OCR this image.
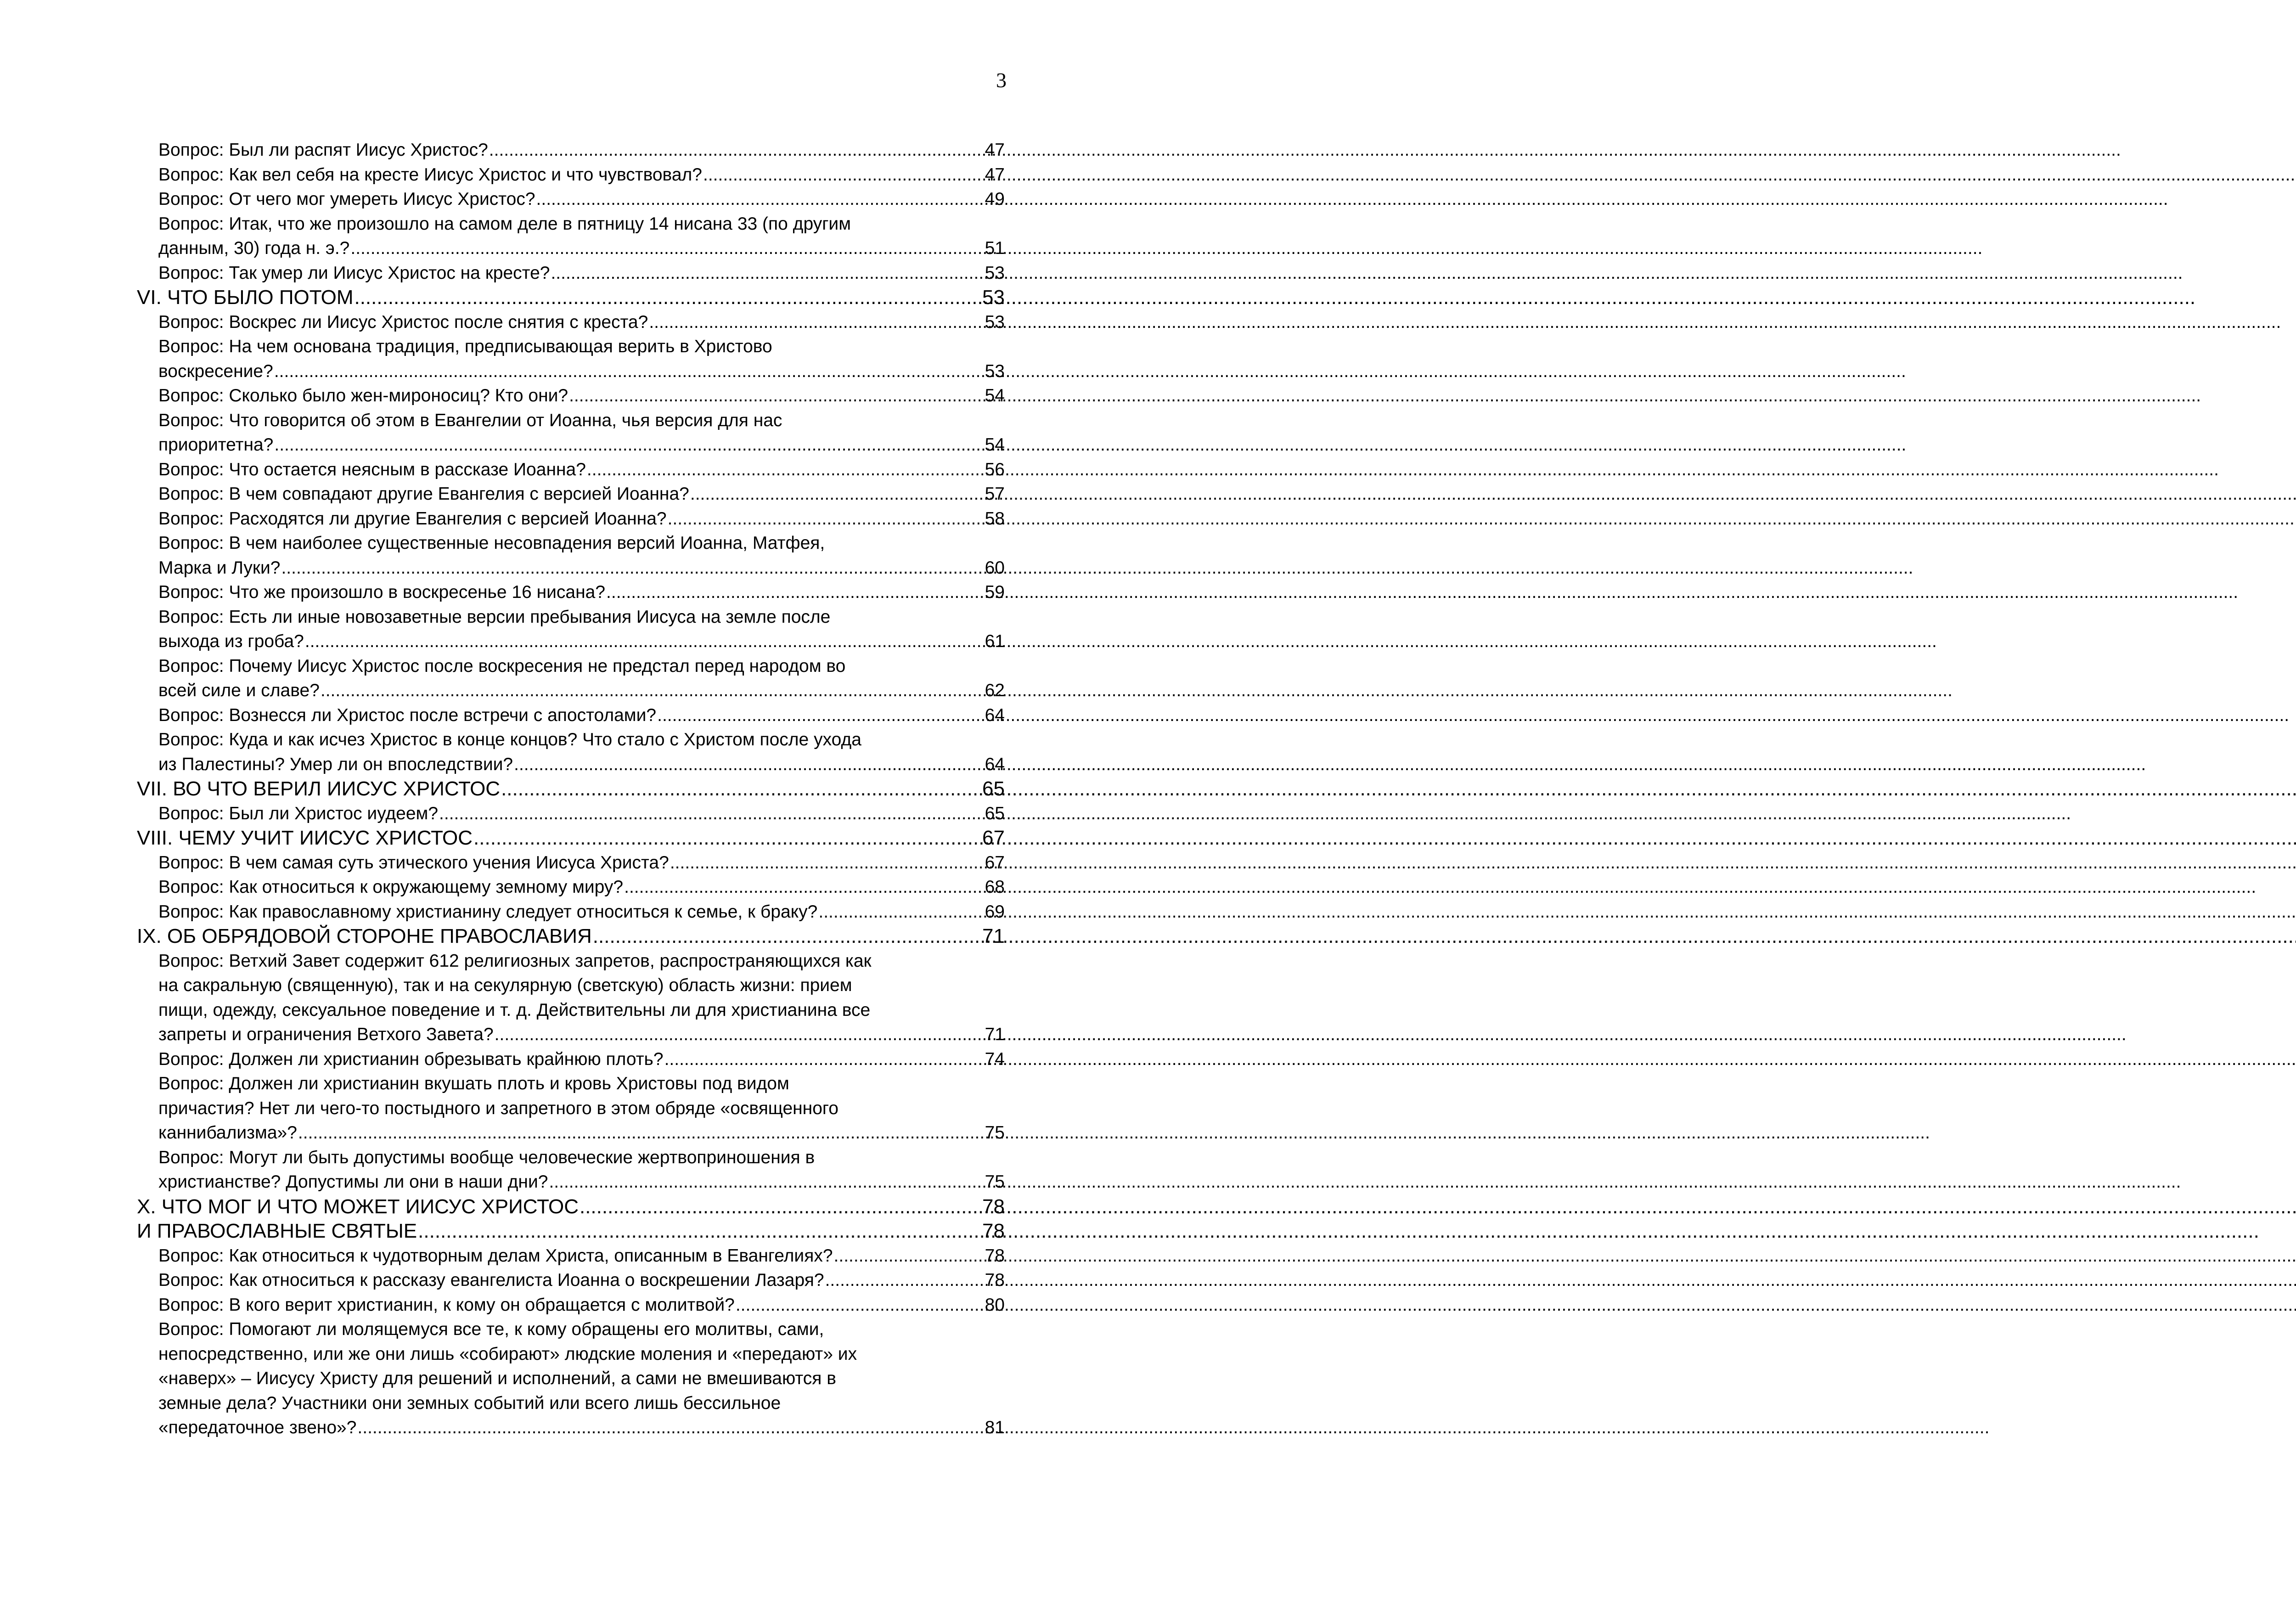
3
Вопрос: Был ли распят Иисус Христос? .....	47
Вопрос: Как вел себя на кресте Иисус Христос и что чувствовал? .....	47
Вопрос: От чего мог умереть Иисус Христос? .....	49
Вопрос: Итак, что же произошло на самом деле в пятницу 14 нисана 33 (по другим
данным, 30) года н. э.? .....	51
Вопрос: Так умер ли Иисус Христос на кресте? .....	53
VI. ЧТО БЫЛО ПОТОМ .....	53
Вопрос: Воскрес ли Иисус Христос после снятия с креста? .....	53
Вопрос: На чем основана традиция, предписывающая верить в Христово
воскресение? .....	53
Вопрос: Сколько было жен-мироносиц? Кто они? .....	54
Вопрос: Что говорится об этом в Евангелии от Иоанна, чья версия для нас
приоритетна? .....	54
Вопрос: Что остается неясным в рассказе Иоанна? .....	56
Вопрос: В чем совпадают другие Евангелия с версией Иоанна? .....	57
Вопрос: Расходятся ли другие Евангелия с версией Иоанна? .....	58
Вопрос: В чем наиболее существенные несовпадения версий Иоанна, Матфея,
Марка и Луки? .....	60
Вопрос: Что же произошло в воскресенье 16 нисана? .....	59
Вопрос: Есть ли иные новозаветные версии пребывания Иисуса на земле после
выхода из гроба? .....	61
Вопрос: Почему Иисус Христос после воскресения не предстал перед народом во
всей силе и славе? .....	62
Вопрос: Вознесся ли Христос после встречи с апостолами? .....	64
Вопрос: Куда и как исчез Христос в конце концов? Что стало с Христом после ухода
из Палестины? Умер ли он впоследствии? .....	64
VII. ВО ЧТО ВЕРИЛ ИИСУС ХРИСТОС .....	65
Вопрос: Был ли Христос иудеем? .....	65
VIII. ЧЕМУ УЧИТ ИИСУС ХРИСТОС .....	67
Вопрос: В чем самая суть этического учения Иисуса Христа? .....	67
Вопрос: Как относиться к окружающему земному миру? .....	68
Вопрос: Как православному христианину следует относиться к семье, к браку? .....	69
IX. ОБ ОБРЯДОВОЙ СТОРОНЕ ПРАВОСЛАВИЯ .....	71
Вопрос: Ветхий Завет содержит 612 религиозных запретов, распространяющихся как
на сакральную (священную), так и на секулярную (светскую) область жизни: прием
пищи, одежду, сексуальное поведение и т. д. Действительны ли для христианина все
запреты и ограничения Ветхого Завета? .....	71
Вопрос: Должен ли христианин обрезывать крайнюю плоть? .....	74
Вопрос: Должен ли христианин вкушать плоть и кровь Христовы под видом
причастия? Нет ли чего-то постыдного и запретного в этом обряде «освященного
каннибализма»? .....	75
Вопрос: Могут ли быть допустимы вообще человеческие жертвоприношения в
христианстве? Допустимы ли они в наши дни? .....	75
X. ЧТО МОГ И ЧТО МОЖЕТ ИИСУС ХРИСТОС .....	78
И ПРАВОСЛАВНЫЕ СВЯТЫЕ .....	78
Вопрос: Как относиться к чудотворным делам Христа, описанным в Евангелиях? .....	78
Вопрос: Как относиться к рассказу евангелиста Иоанна о воскрешении Лазаря? .....	78
Вопрос: В кого верит христианин, к кому он обращается с молитвой? .....	80
Вопрос: Помогают ли молящемуся все те, к кому обращены его молитвы, сами,
непосредственно, или же они лишь «собирают» людские моления и «передают» их
«наверх» – Иисусу Христу для решений и исполнений, а сами не вмешиваются в
земные дела? Участники они земных событий или всего лишь бессильное
«передаточное звено»? .....	81
